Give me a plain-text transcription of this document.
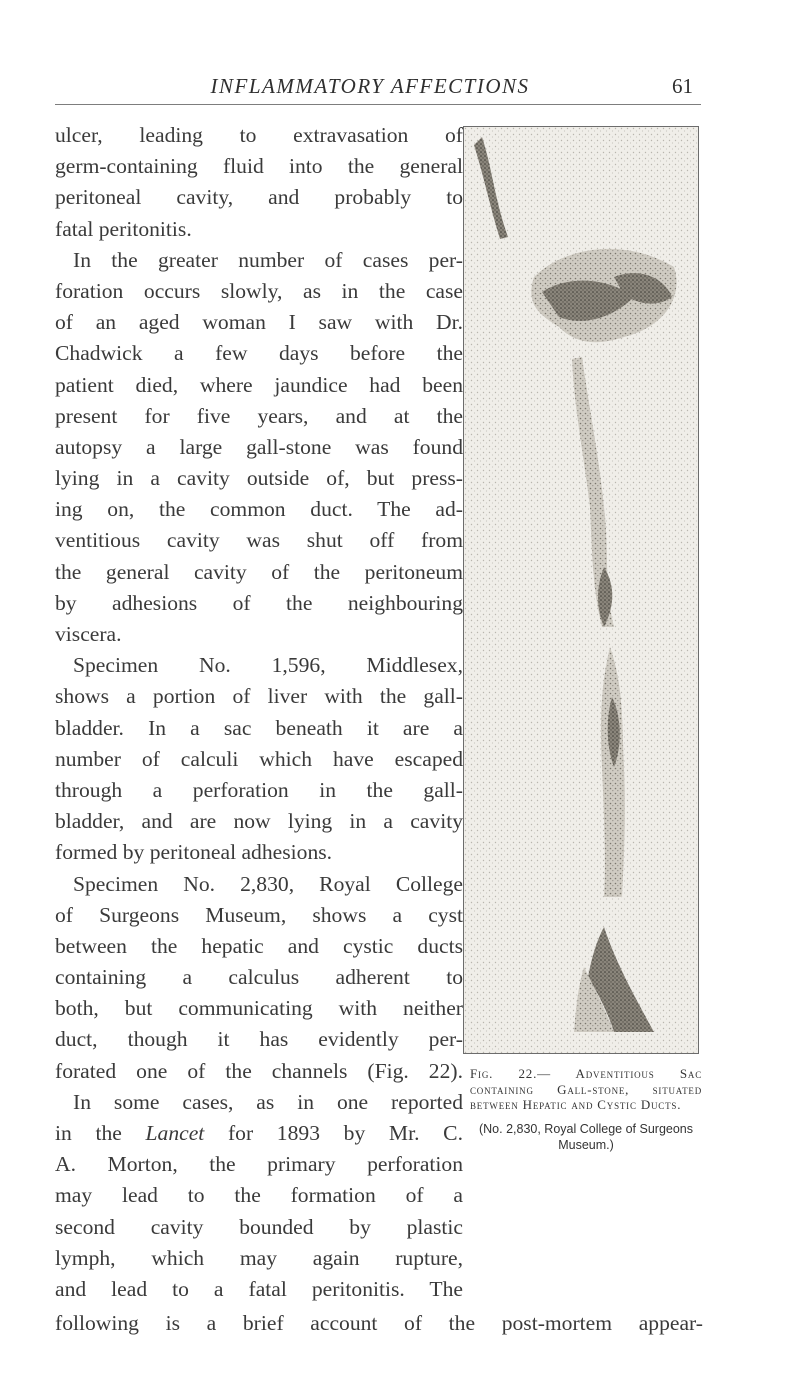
INFLAMMATORY AFFECTIONS	61
ulcer, leading to extravasation of
germ-containing fluid into the general
peritoneal cavity, and probably to
fatal peritonitis.
In the greater number of cases per-
foration occurs slowly, as in the case
of an aged woman I saw with Dr.
Chadwick a few days before the
patient died, where jaundice had been
present for five years, and at the
autopsy a large gall-stone was found
lying in a cavity outside of, but press-
ing on, the common duct. The ad-
ventitious cavity was shut off from
the general cavity of the peritoneum
by adhesions of the neighbouring
viscera.
Specimen No. 1,596, Middlesex,
shows a portion of liver with the gall-
bladder. In a sac beneath it are a
number of calculi which have escaped
through a perforation in the gall-
bladder, and are now lying in a cavity
formed by peritoneal adhesions.
Specimen No. 2,830, Royal College
of Surgeons Museum, shows a cyst
between the hepatic and cystic ducts
containing a calculus adherent to
both, but communicating with neither
duct, though it has evidently per-
forated one of the channels (Fig. 22).
In some cases, as in one reported
in the Lancet for 1893 by Mr. C.
A. Morton, the primary perforation
may lead to the formation of a
second cavity bounded by plastic
lymph, which may again rupture,
and lead to a fatal peritonitis. The
following is a brief account of the post-mortem appear-
Fig. 22.— Adventitious Sac containing Gall-stone, situated between Hepatic and Cystic Ducts.
(No. 2,830, Royal College of Surgeons Museum.)
